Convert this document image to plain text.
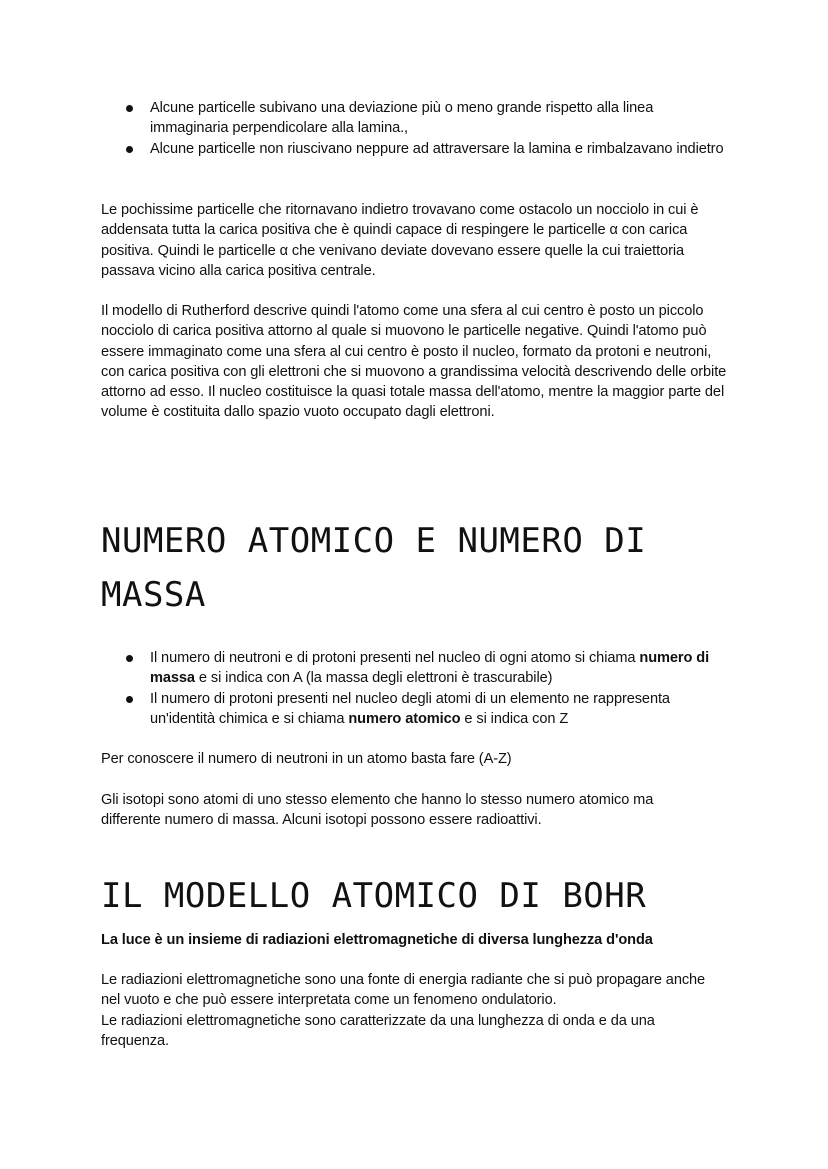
Alcune particelle subivano una deviazione più o meno grande rispetto alla linea immaginaria perpendicolare alla lamina.,
Alcune particelle non riuscivano neppure ad attraversare la lamina e rimbalzavano indietro

Le pochissime particelle che ritornavano indietro trovavano come ostacolo un nocciolo in cui è addensata tutta la carica positiva che è quindi capace di respingere le particelle α con carica positiva. Quindi le particelle α che venivano deviate dovevano essere quelle la cui traiettoria passava vicino alla carica positiva centrale.

Il modello di Rutherford descrive quindi l'atomo come una sfera al cui centro è posto un piccolo nocciolo di carica positiva attorno al quale si muovono le particelle negative. Quindi l'atomo può essere immaginato come una sfera al cui centro è posto il nucleo, formato da protoni e neutroni, con carica positiva con gli elettroni che si muovono a grandissima velocità descrivendo delle orbite attorno ad esso. Il nucleo costituisce la quasi totale massa dell'atomo, mentre la maggior parte del volume è costituita dallo spazio vuoto occupato dagli elettroni.

NUMERO ATOMICO E NUMERO DI MASSA
Il numero di neutroni e di protoni presenti nel nucleo di ogni atomo si chiama numero di massa e si indica con A (la massa degli elettroni è trascurabile)
Il numero di protoni presenti nel nucleo degli atomi di un elemento ne rappresenta un'identità chimica e si chiama numero atomico e si indica con Z

Per conoscere il numero di neutroni in un atomo basta fare (A-Z)

Gli isotopi sono atomi di uno stesso elemento che hanno lo stesso numero atomico ma differente numero di massa. Alcuni isotopi possono essere radioattivi.

IL MODELLO ATOMICO DI BOHR

La luce è un insieme di radiazioni elettromagnetiche di diversa lunghezza d'onda

Le radiazioni elettromagnetiche sono una fonte di energia radiante che si può propagare anche nel vuoto e che può essere interpretata come un fenomeno ondulatorio.

Le radiazioni elettromagnetiche sono caratterizzate da una lunghezza di onda e da una frequenza.
